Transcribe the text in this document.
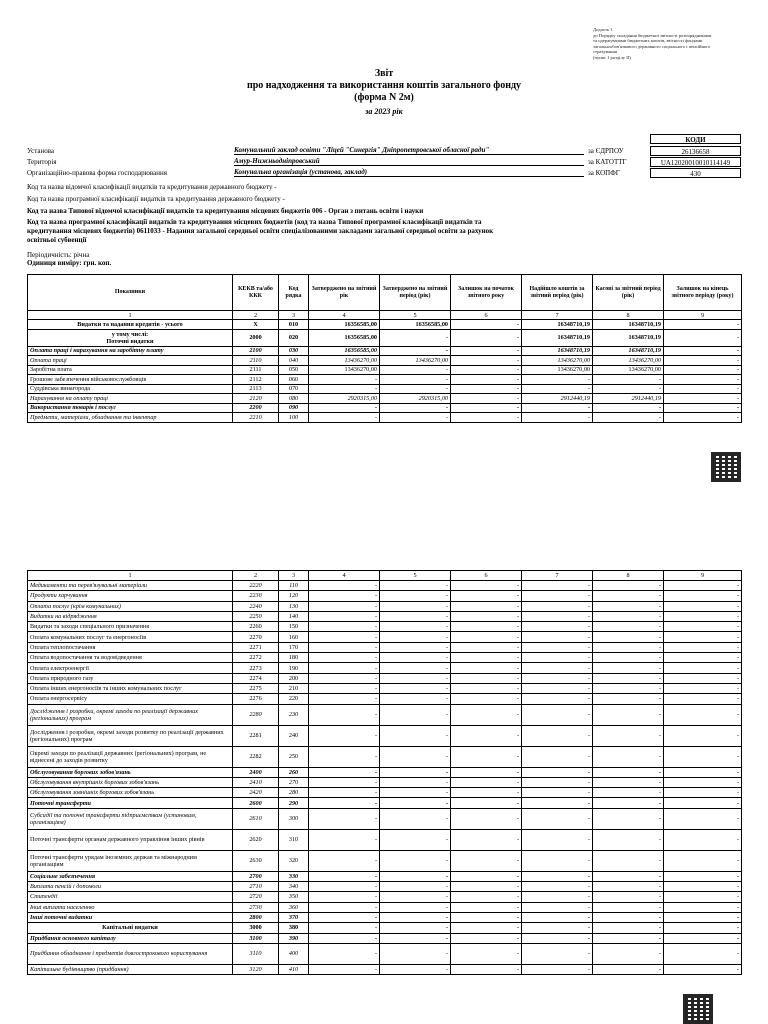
Додаток 1
до Порядку складання бюджетної звітності розпорядниками
та одержувачами бюджетних коштів, звітності фондами
загальнообов'язкового державного соціального і пенсійного
страхування
(пункт 1 розділу II)
Звіт
про надходження та використання коштів загального фонду
(форма N 2м)
за 2023 рік
КОДИ
Установа	Комунальний заклад освіти "Ліцей "Синергія" Дніпропетровської обласної ради"	за ЄДРПОУ	26136658
Територія	Амур-Нижньодніпровський	за КАТОТТГ	UA12020010010114149
Організаційно-правова форма господарювання	Комунальна організація (установа, заклад)	за КОПФГ	430
Код та назва відомчої класифікації видатків та кредитування державного бюджету -
Код та назва програмної класифікації видатків та кредитування державного бюджету -
Код та назва Типової відомчої класифікації видатків та кредитування місцевих бюджетів 006 - Орган з питань освіти і науки
Код та назва програмної класифікації видатків та кредитування місцевих бюджетів (код та назва Типової програмної класифікації видатків та
кредитування місцевих бюджетів) 0611033 - Надання загальної середньої освіти спеціалізованими закладами загальної середньої освіти за рахунок
освітньої субвенції
Періодичність: річна
Одиниця виміру: грн. коп.
Показники	КЕКВ та/або ККК	Код рядка	Затверджено на звітний рік	Затверджено на звітний період (рік)	Залишок на початок звітного року	Надійшло коштів за звітний період (рік)	Касові за звітний період (рік)	Залишок на кінець звітного періоду (року)
1	2	3	4	5	6	7	8	9

Видатки та надання кредитів - усього	X	010	16356585,00	16356585,00	-	16348710,19	16348710,19	-

у тому числі:
Поточні видатки	2000	020	16356585,00	-	-	16348710,19	16348710,19	-

Оплата праці і нарахування на заробітну плату	2100	030	16356585,00	-	-	16348710,19	16348710,19	-

Оплата праці	2110	040	13436270,00	13436270,00	-	13436270,00	13436270,00	-

Заробітна плата	2111	050	13436270,00	-	-	13436270,00	13436270,00	-

Грошове забезпечення військовослужбовців	2112	060	-	-	-	-	-	-

Суддівська винагорода	2113	070	-	-	-	-	-	-

Нарахування на оплату праці	2120	080	2920315,00	2920315,00	-	2912440,19	2912440,19	-

Використання товарів і послуг	2200	090	-	-	-	-	-	-

Предмети, матеріали, обладнання та інвентар	2210	100	-	-	-	-	-	-
1	2	3	4	5	6	7	8	9
Медикаменти та перев'язувальні матеріали	2220	110	-	-	-	-	-	-
Продукти харчування	2230	120	-	-	-	-	-	-
Оплата послуг (крім комунальних)	2240	130	-	-	-	-	-	-
Видатки на відрядження	2250	140	-	-	-	-	-	-
Видатки та заходи спеціального призначення	2260	150	-	-	-	-	-	-
Оплата комунальних послуг та енергоносіїв	2270	160	-	-	-	-	-	-
Оплата теплопостачання	2271	170	-	-	-	-	-	-
Оплата водопостачання та водовідведення	2272	180	-	-	-	-	-	-
Оплата електроенергії	2273	190	-	-	-	-	-	-
Оплата природного газу	2274	200	-	-	-	-	-	-
Оплата інших енергоносіїв та інших комунальних послуг	2275	210	-	-	-	-	-	-
Оплата енергосервісу	2276	220	-	-	-	-	-	-
Дослідження і розробки, окремі заходи по реалізації державних (регіональних) програм	2280	230	-	-	-	-	-	-
Дослідження і розробки, окремі заходи розвитку по реалізації державних (регіональних) програм	2281	240	-	-	-	-	-	-
Окремі заходи по реалізації державних (регіональних) програм, не віднесені до заходів розвитку	2282	250	-	-	-	-	-	-
Обслуговування боргових зобов'язань	2400	260	-	-	-	-	-	-
Обслуговування внутрішніх боргових зобов'язань	2410	270	-	-	-	-	-	-
Обслуговування зовнішніх боргових зобов'язань	2420	280	-	-	-	-	-	-
Поточні трансферти	2600	290	-	-	-	-	-	-
Субсидії та поточні трансферти підприємствам (установам, організаціям)	2610	300	-	-	-	-	-	-
Поточні трансферти органам державного управління інших рівнів	2620	310	-	-	-	-	-	-
Поточні трансферти урядам іноземних держав та міжнародним організаціям	2630	320	-	-	-	-	-	-
Соціальне забезпечення	2700	330	-	-	-	-	-	-
Виплата пенсій і допомоги	2710	340	-	-	-	-	-	-
Стипендії	2720	350	-	-	-	-	-	-
Інші виплати населенню	2730	360	-	-	-	-	-	-
Інші поточні видатки	2800	370	-	-	-	-	-	-
Капітальні видатки	3000	380	-	-	-	-	-	-
Придбання основного капіталу	3100	390	-	-	-	-	-	-
Придбання обладнання і предметів довгострокового користування	3110	400	-	-	-	-	-	-
Капітальне будівництво (придбання)	3120	410	-	-	-	-	-	-
